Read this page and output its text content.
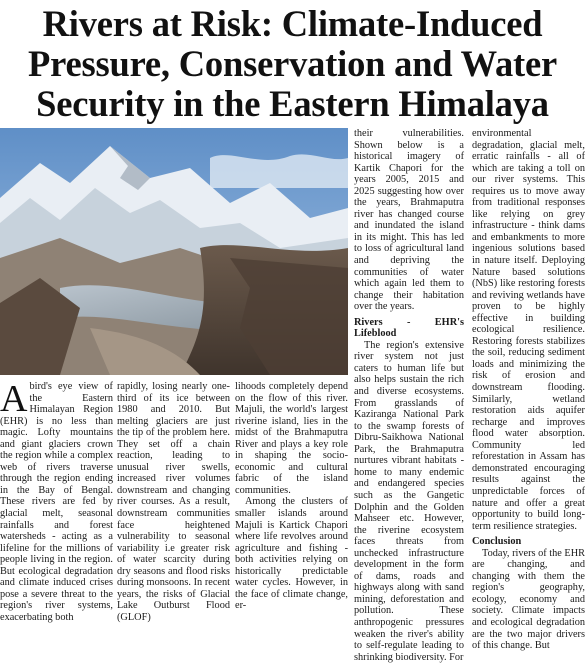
Rivers at Risk: Climate-Induced
Pressure, Conservation and Water
Security in the Eastern Himalaya

Abird's eye view of the Eastern Himalayan Region (EHR) is no less than magic. Lofty mountains and giant glaciers crown the region while a complex web of rivers traverse through the region ending in the Bay of Bengal. These rivers are fed by glacial melt, seasonal rainfalls and forest watersheds - acting as a lifeline for the millions of people living in the region. But ecological degradation and climate induced crises pose a severe threat to the region's river systems, exacerbating both

rapidly, losing nearly one-third of its ice between 1980 and 2010. But melting glaciers are just the tip of the problem here. They set off a chain reaction, leading to unusual river swells, increased river volumes downstream and changing river courses. As a result, downstream communities face heightened vulnerability to seasonal variability i.e greater risk of water scarcity during dry seasons and flood risks during monsoons. In recent years, the risks of Glacial Lake Outburst Flood (GLOF)

lihoods completely depend on the flow of this river. Majuli, the world's largest riverine island, lies in the midst of the Brahmaputra River and plays a key role in shaping the socio-economic and cultural fabric of the island communities.

Among the clusters of smaller islands around Majuli is Kartick Chapori where life revolves around agriculture and fishing - both activities relying on historically predictable water cycles. However, in the face of climate change, er-

their vulnerabilities. Shown below is a historical imagery of Kartik Chapori for the years 2005, 2015 and 2025 suggesting how over the years, Brahmaputra river has changed course and inundated the island in its might. This has led to loss of agricultural land and depriving the communities of water which again led them to change their habitation over the years.

Rivers - EHR's Lifeblood

The region's extensive river system not just caters to human life but also helps sustain the rich and diverse ecosystems. From grasslands of Kaziranga National Park to the swamp forests of Dibru-Saikhowa National Park, the Brahmaputra nurtures vibrant habitats - home to many endemic and endangered species such as the Gangetic Dolphin and the Golden Mahseer etc. However, the riverine ecosystem faces threats from unchecked infrastructure development in the form of dams, roads and highways along with sand mining, deforestation and pollution. These anthropogenic pressures weaken the river's ability to self-regulate leading to shrinking biodiversity. For

environmental degradation, glacial melt, erratic rainfalls - all of which are taking a toll on our river systems. This requires us to move away from traditional responses like relying on grey infrastructure - think dams and embankments to more ingenious solutions based in nature itself. Deploying Nature based solutions (NbS) like restoring forests and reviving wetlands have proven to be highly effective in building ecological resilience. Restoring forests stabilizes the soil, reducing sediment loads and minimizing the risk of erosion and downstream flooding. Similarly, wetland restoration aids aquifer recharge and improves flood water absorption. Community led reforestation in Assam has demonstrated encouraging results against the unpredictable forces of nature and offer a great opportunity to build long-term resilience strategies.

Conclusion

Today, rivers of the EHR are changing, and changing with them the region's geography, ecology, economy and society. Climate impacts and ecological degradation are the two major drivers of this change. But
